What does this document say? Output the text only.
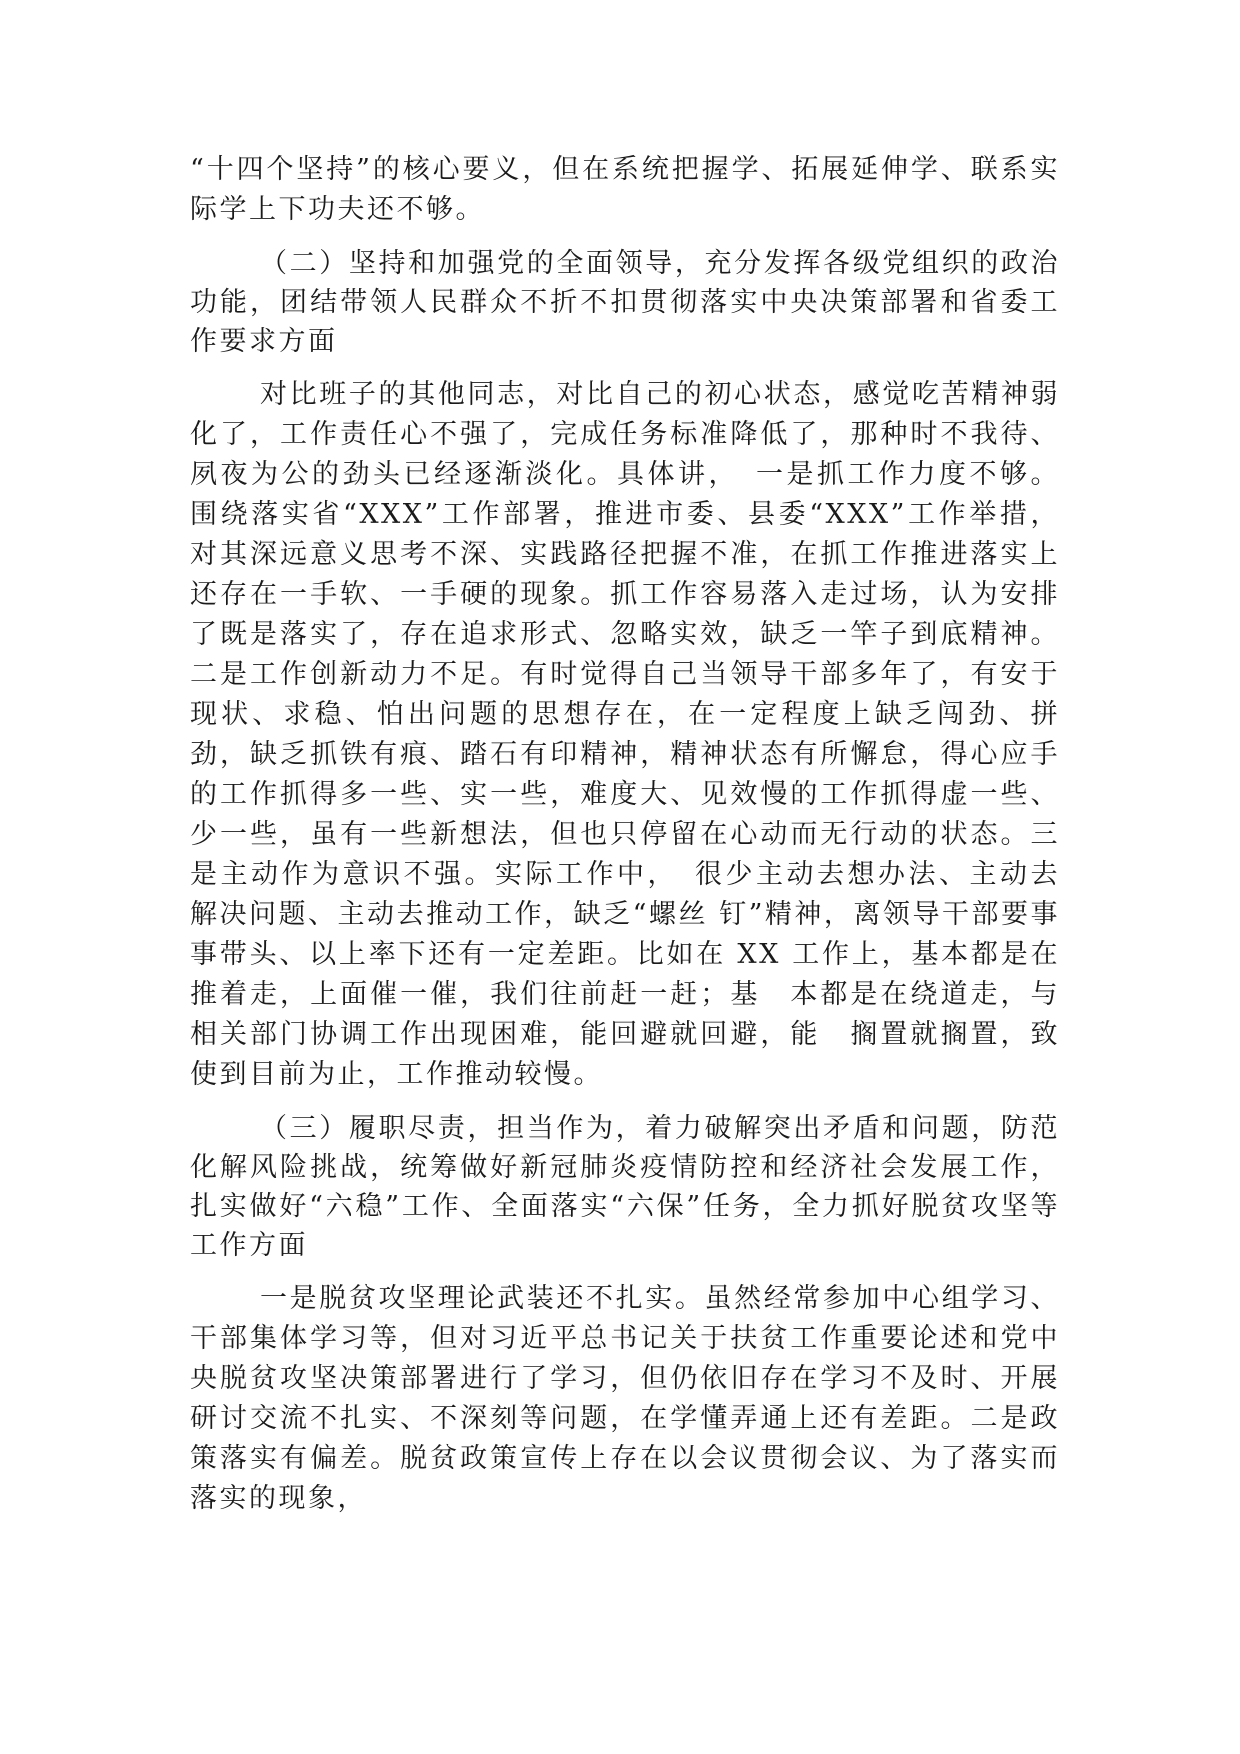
“十四个坚持”的核心要义，但在系统把握学、拓展延伸学、联系实际学上下功夫还不够。

（二）坚持和加强党的全面领导，充分发挥各级党组织的政治功能，团结带领人民群众不折不扣贯彻落实中央决策部署和省委工作要求方面

对比班子的其他同志，对比自己的初心状态，感觉吃苦精神弱化了，工作责任心不强了，完成任务标准降低了，那种时不我待、夙夜为公的劲头已经逐渐淡化。具体讲，　一是抓工作力度不够。围绕落实省“XXX”工作部署，推进市委、县委“XXX”工作举措，对其深远意义思考不深、实践路径把握不准，在抓工作推进落实上还存在一手软、一手硬的现象。抓工作容易落入走过场，认为安排了既是落实了，存在追求形式、忽略实效，缺乏一竿子到底精神。二是工作创新动力不足。有时觉得自己当领导干部多年了，有安于现状、求稳、怕出问题的思想存在，在一定程度上缺乏闯劲、拼劲，缺乏抓铁有痕、踏石有印精神，精神状态有所懈怠，得心应手的工作抓得多一些、实一些，难度大、见效慢的工作抓得虚一些、少一些，虽有一些新想法，但也只停留在心动而无行动的状态。三是主动作为意识不强。实际工作中，　很少主动去想办法、主动去解决问题、主动去推动工作，缺乏“螺丝 钉”精神，离领导干部要事事带头、以上率下还有一定差距。比如在 XX 工作上，基本都是在推着走，上面催一催，我们往前赶一赶；基　本都是在绕道走，与相关部门协调工作出现困难，能回避就回避，能　搁置就搁置，致使到目前为止，工作推动较慢。

（三）履职尽责，担当作为，着力破解突出矛盾和问题，防范化解风险挑战，统筹做好新冠肺炎疫情防控和经济社会发展工作，扎实做好“六稳”工作、全面落实“六保”任务，全力抓好脱贫攻坚等工作方面

一是脱贫攻坚理论武装还不扎实。虽然经常参加中心组学习、干部集体学习等，但对习近平总书记关于扶贫工作重要论述和党中央脱贫攻坚决策部署进行了学习，但仍依旧存在学习不及时、开展研讨交流不扎实、不深刻等问题，在学懂弄通上还有差距。二是政策落实有偏差。脱贫政策宣传上存在以会议贯彻会议、为了落实而落实的现象，
